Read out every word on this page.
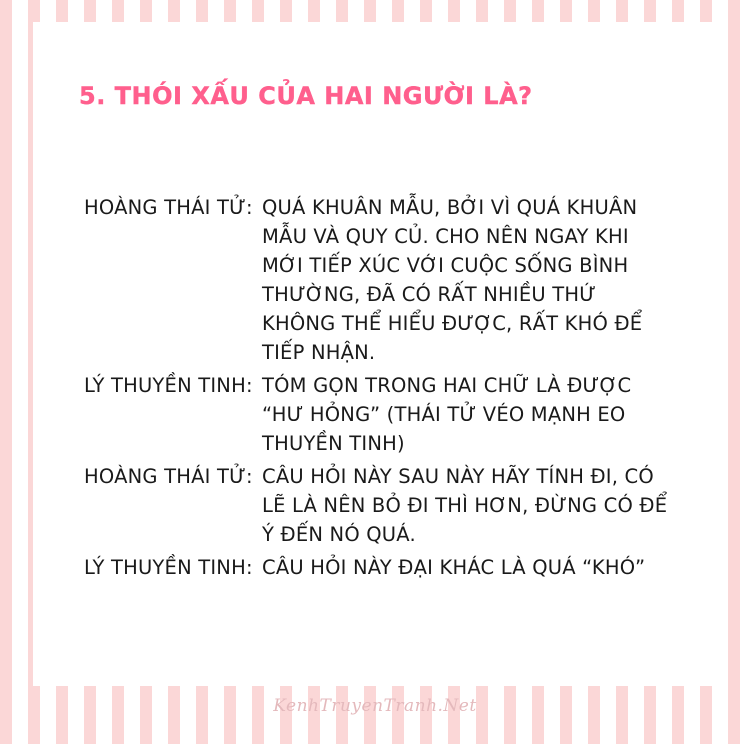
5. THÓI XẤU CỦA HAI NGƯỜI LÀ?
HOÀNG THÁI TỬ: QUÁ KHUÂN MẪU, BỞI VÌ QUÁ KHUÂN MẪU VÀ QUY CỦ. CHO NÊN NGAY KHI MỚI TIẾP XÚC VỚI CUỘC SỐNG BÌNH THƯỜNG, ĐÃ CÓ RẤT NHIỀU THỨ KHÔNG THỂ HIỂU ĐƯỢC, RẤT KHÓ ĐỂ TIẾP NHẬN.
LÝ THUYỀN TINH: TÓM GỌN TRONG HAI CHỮ LÀ ĐƯỢC “HƯ HỎNG” (THÁI TỬ VÉO MẠNH EO THUYỀN TINH)
HOÀNG THÁI TỬ: CÂU HỎI NÀY SAU NÀY HÃY TÍNH ĐI, CÓ LẼ LÀ NÊN BỎ ĐI THÌ HƠN, ĐỪNG CÓ ĐỂ Ý ĐẾN NÓ QUÁ.
LÝ THUYỀN TINH: CÂU HỎI NÀY ĐẠI KHÁC LÀ QUÁ “KHÓ”
KenhTruyenTranh.Net
